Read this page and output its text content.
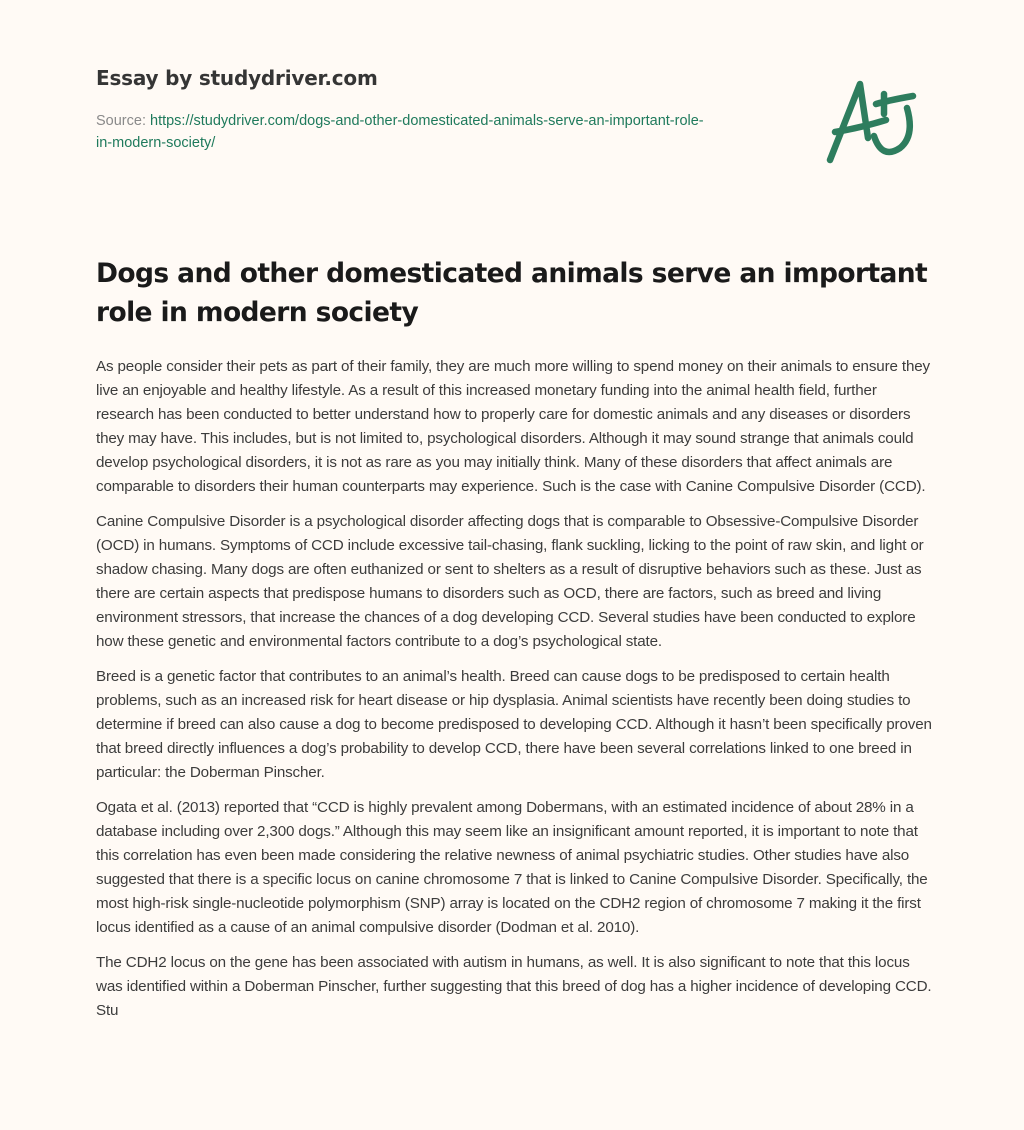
Essay by studydriver.com
Source: https://studydriver.com/dogs-and-other-domesticated-animals-serve-an-important-role-in-modern-society/
Dogs and other domesticated animals serve an important role in modern society

As people consider their pets as part of their family, they are much more willing to spend money on their animals to ensure they live an enjoyable and healthy lifestyle. As a result of this increased monetary funding into the animal health field, further research has been conducted to better understand how to properly care for domestic animals and any diseases or disorders they may have. This includes, but is not limited to, psychological disorders. Although it may sound strange that animals could develop psychological disorders, it is not as rare as you may initially think. Many of these disorders that affect animals are comparable to disorders their human counterparts may experience. Such is the case with Canine Compulsive Disorder (CCD).

Canine Compulsive Disorder is a psychological disorder affecting dogs that is comparable to Obsessive-Compulsive Disorder (OCD) in humans. Symptoms of CCD include excessive tail-chasing, flank suckling, licking to the point of raw skin, and light or shadow chasing. Many dogs are often euthanized or sent to shelters as a result of disruptive behaviors such as these. Just as there are certain aspects that predispose humans to disorders such as OCD, there are factors, such as breed and living environment stressors, that increase the chances of a dog developing CCD. Several studies have been conducted to explore how these genetic and environmental factors contribute to a dog’s psychological state.

Breed is a genetic factor that contributes to an animal’s health. Breed can cause dogs to be predisposed to certain health problems, such as an increased risk for heart disease or hip dysplasia. Animal scientists have recently been doing studies to determine if breed can also cause a dog to become predisposed to developing CCD. Although it hasn’t been specifically proven that breed directly influences a dog’s probability to develop CCD, there have been several correlations linked to one breed in particular: the Doberman Pinscher.

Ogata et al. (2013) reported that “CCD is highly prevalent among Dobermans, with an estimated incidence of about 28% in a database including over 2,300 dogs.” Although this may seem like an insignificant amount reported, it is important to note that this correlation has even been made considering the relative newness of animal psychiatric studies. Other studies have also suggested that there is a specific locus on canine chromosome 7 that is linked to Canine Compulsive Disorder. Specifically, the most high-risk single-nucleotide polymorphism (SNP) array is located on the CDH2 region of chromosome 7 making it the first locus identified as a cause of an animal compulsive disorder (Dodman et al. 2010).

The CDH2 locus on the gene has been associated with autism in humans, as well. It is also significant to note that this locus was identified within a Doberman Pinscher, further suggesting that this breed of dog has a higher incidence of developing CCD. Stu
